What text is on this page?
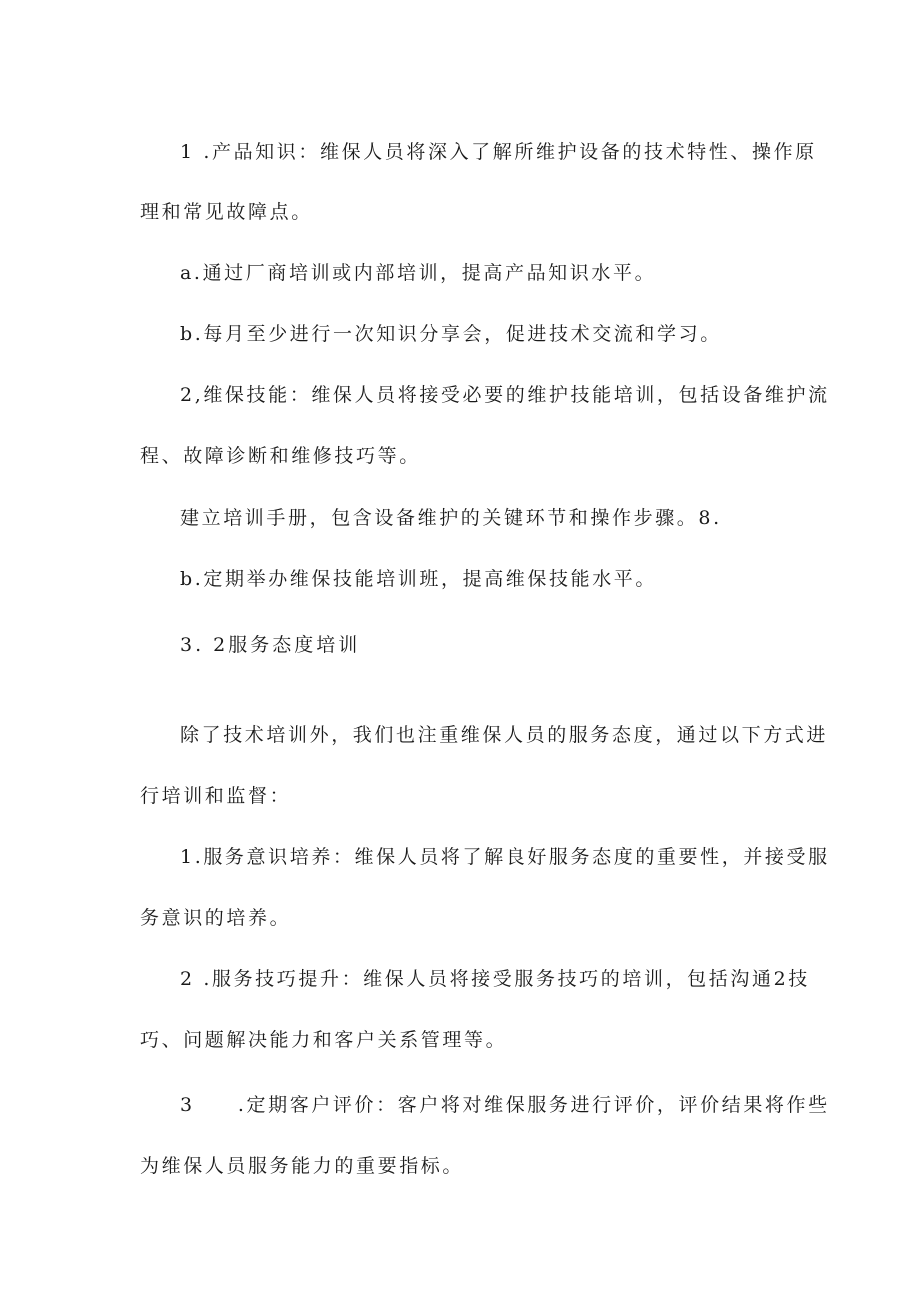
1 .产品知识：维保人员将深入了解所维护设备的技术特性、操作原
理和常见故障点。
a.通过厂商培训或内部培训，提高产品知识水平。
b.每月至少进行一次知识分享会，促进技术交流和学习。
2,维保技能：维保人员将接受必要的维护技能培训，包括设备维护流
程、故障诊断和维修技巧等。
建立培训手册，包含设备维护的关键环节和操作步骤。8.
b.定期举办维保技能培训班，提高维保技能水平。
3. 2服务态度培训
除了技术培训外，我们也注重维保人员的服务态度，通过以下方式进
行培训和监督：
1.服务意识培养：维保人员将了解良好服务态度的重要性，并接受服
务意识的培养。
2 .服务技巧提升：维保人员将接受服务技巧的培训，包括沟通2技
巧、问题解决能力和客户关系管理等。
3　　.定期客户评价：客户将对维保服务进行评价，评价结果将作些
为维保人员服务能力的重要指标。
